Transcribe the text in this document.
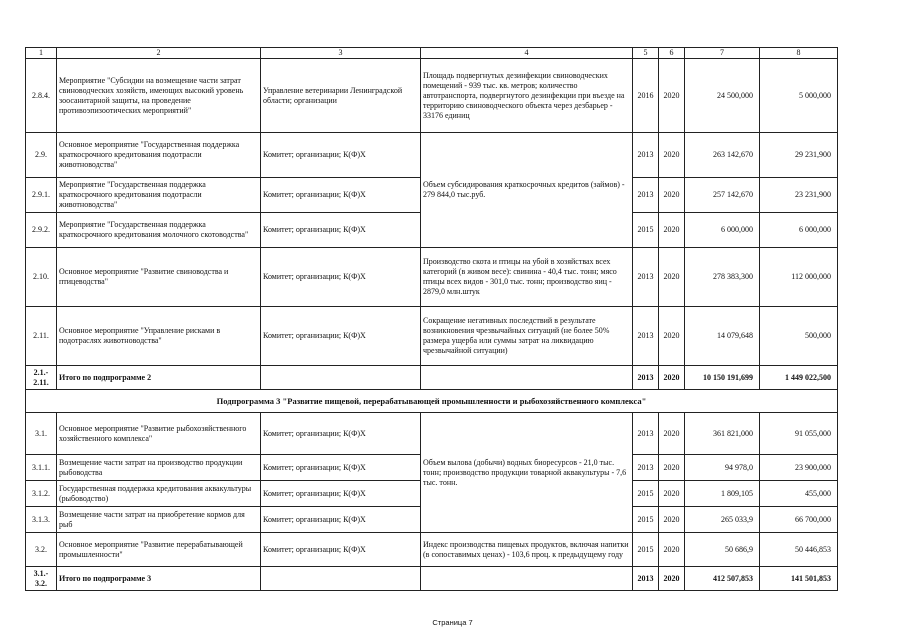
1	2	3	4	5	6	7	8
2.8.4.	Мероприятие "Субсидии на возмещение части затрат свиноводческих хозяйств, имеющих высокий уровень зоосанитарной защиты, на проведение противоэпизоотических мероприятий"	Управление ветеринарии Ленинградской области; организации	Площадь подвергнутых дезинфекции свиноводческих помещений - 939 тыс. кв. метров; количество автотранспорта, подвергнутого дезинфекции при въезде на территорию свиноводческого объекта через дезбарьер - 33176 единиц	2016	2020	24 500,000	5 000,000
2.9.	Основное мероприятие "Государственная поддержка краткосрочного кредитования подотрасли животноводства"	Комитет; организации; К(Ф)Х	Объем субсидирования краткосрочных кредитов (займов) - 279 844,0 тыс.руб.	2013	2020	263 142,670	29 231,900
2.9.1.	Мероприятие "Государственная поддержка краткосрочного кредитования подотрасли животноводства"	Комитет; организации; К(Ф)Х		2013	2020	257 142,670	23 231,900
2.9.2.	Мероприятие "Государственная поддержка краткосрочного кредитования молочного скотоводства"	Комитет; организации; К(Ф)Х		2015	2020	6 000,000	6 000,000
2.10.	Основное мероприятие "Развитие свиноводства и птицеводства"	Комитет; организации; К(Ф)Х	Производство скота и птицы на убой в хозяйствах всех категорий (в живом весе): свинина - 40,4 тыс. тонн; мясо птицы всех видов - 301,0 тыс. тонн; производство яиц - 2879,0 млн.штук	2013	2020	278 383,300	112 000,000
2.11.	Основное мероприятие "Управление рисками в подотраслях животноводства"	Комитет; организации; К(Ф)Х	Сокращение негативных последствий в результате возникновения чрезвычайных ситуаций (не более 50% размера ущерба или суммы затрат на ликвидацию чрезвычайной ситуации)	2013	2020	14 079,648	500,000
2.1.- 2.11.	Итого по подпрограмме 2			2013	2020	10 150 191,699	1 449 022,500
Подпрограмма 3 "Развитие пищевой, перерабатывающей промышленности и рыбохозяйственного комплекса"							
3.1.	Основное мероприятие "Развитие рыбохозяйственного хозяйственного комплекса"	Комитет; организации; К(Ф)Х	Объем вылова (добычи) водных биоресурсов - 21,0 тыс. тонн; производство продукции товарной аквакультуры - 7,6 тыс. тонн.	2013	2020	361 821,000	91 055,000
3.1.1.	Возмещение части затрат на производство продукции рыбоводства	Комитет; организации; К(Ф)Х		2013	2020	94 978,0	23 900,000
3.1.2.	Государственная поддержка кредитования аквакультуры (рыбоводство)	Комитет; организации; К(Ф)Х		2015	2020	1 809,105	455,000
3.1.3.	Возмещение части затрат на приобретение кормов для рыб	Комитет; организации; К(Ф)Х		2015	2020	265 033,9	66 700,000
3.2.	Основное мероприятие "Развитие перерабатывающей промышленности"	Комитет; организации; К(Ф)Х	Индекс производства пищевых продуктов, включая напитки (в сопоставимых ценах) - 103,6 проц. к предыдущему году	2015	2020	50 686,9	50 446,853
3.1.- 3.2.	Итого по подпрограмме 3			2013	2020	412 507,853	141 501,853
Страница 7
